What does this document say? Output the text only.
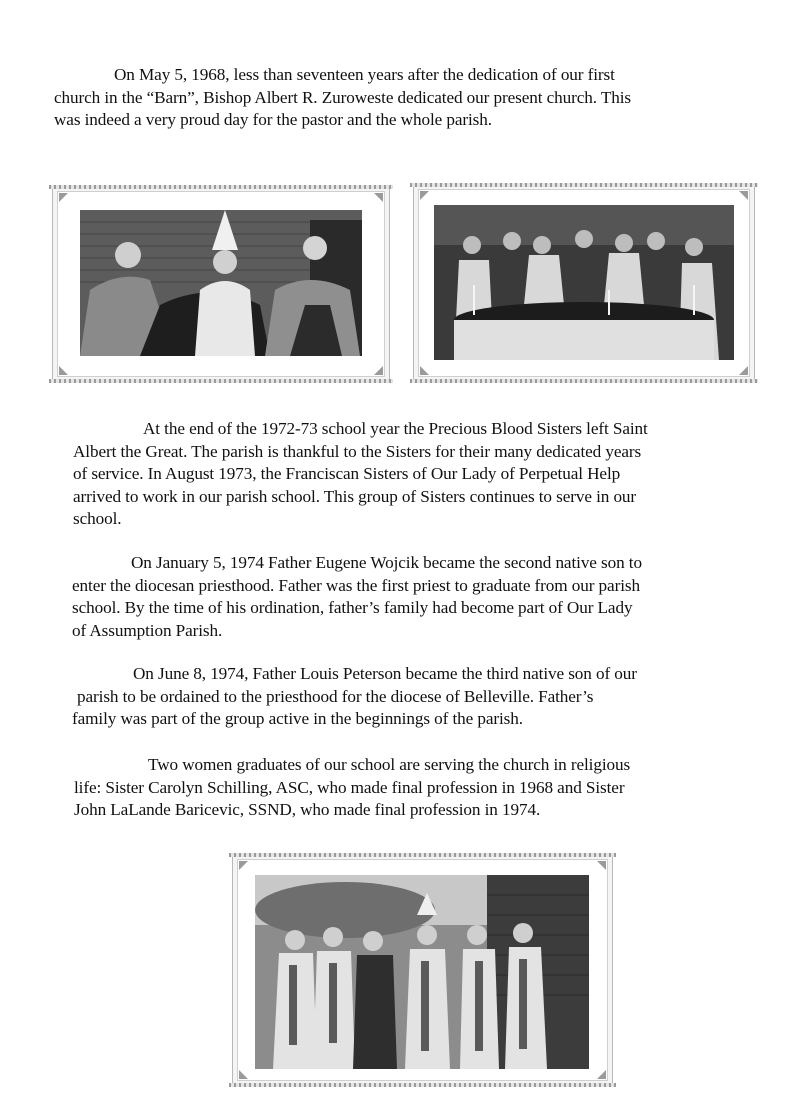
On May 5, 1968, less than seventeen years after the dedication of our first
church in the “Barn”, Bishop Albert R. Zuroweste dedicated our present church. This
was indeed a very proud day for the pastor and the whole parish.
At the end of the 1972-73 school year the Precious Blood Sisters left Saint
Albert the Great. The parish is thankful to the Sisters for their many dedicated years
of service. In August 1973, the Franciscan Sisters of Our Lady of Perpetual Help
arrived to work in our parish school. This group of Sisters continues to serve in our
school.
On January 5, 1974 Father Eugene Wojcik became the second native son to
enter the diocesan priesthood. Father was the first priest to graduate from our parish
school. By the time of his ordination, father’s family had become part of Our Lady
of Assumption Parish.
On June 8, 1974, Father Louis Peterson became the third native son of our
parish to be ordained to the priesthood for the diocese of Belleville. Father’s
family was part of the group active in the beginnings of the parish.
Two women graduates of our school are serving the church in religious
life: Sister Carolyn Schilling, ASC, who made final profession in 1968 and Sister
John LaLande Baricevic, SSND, who made final profession in 1974.
